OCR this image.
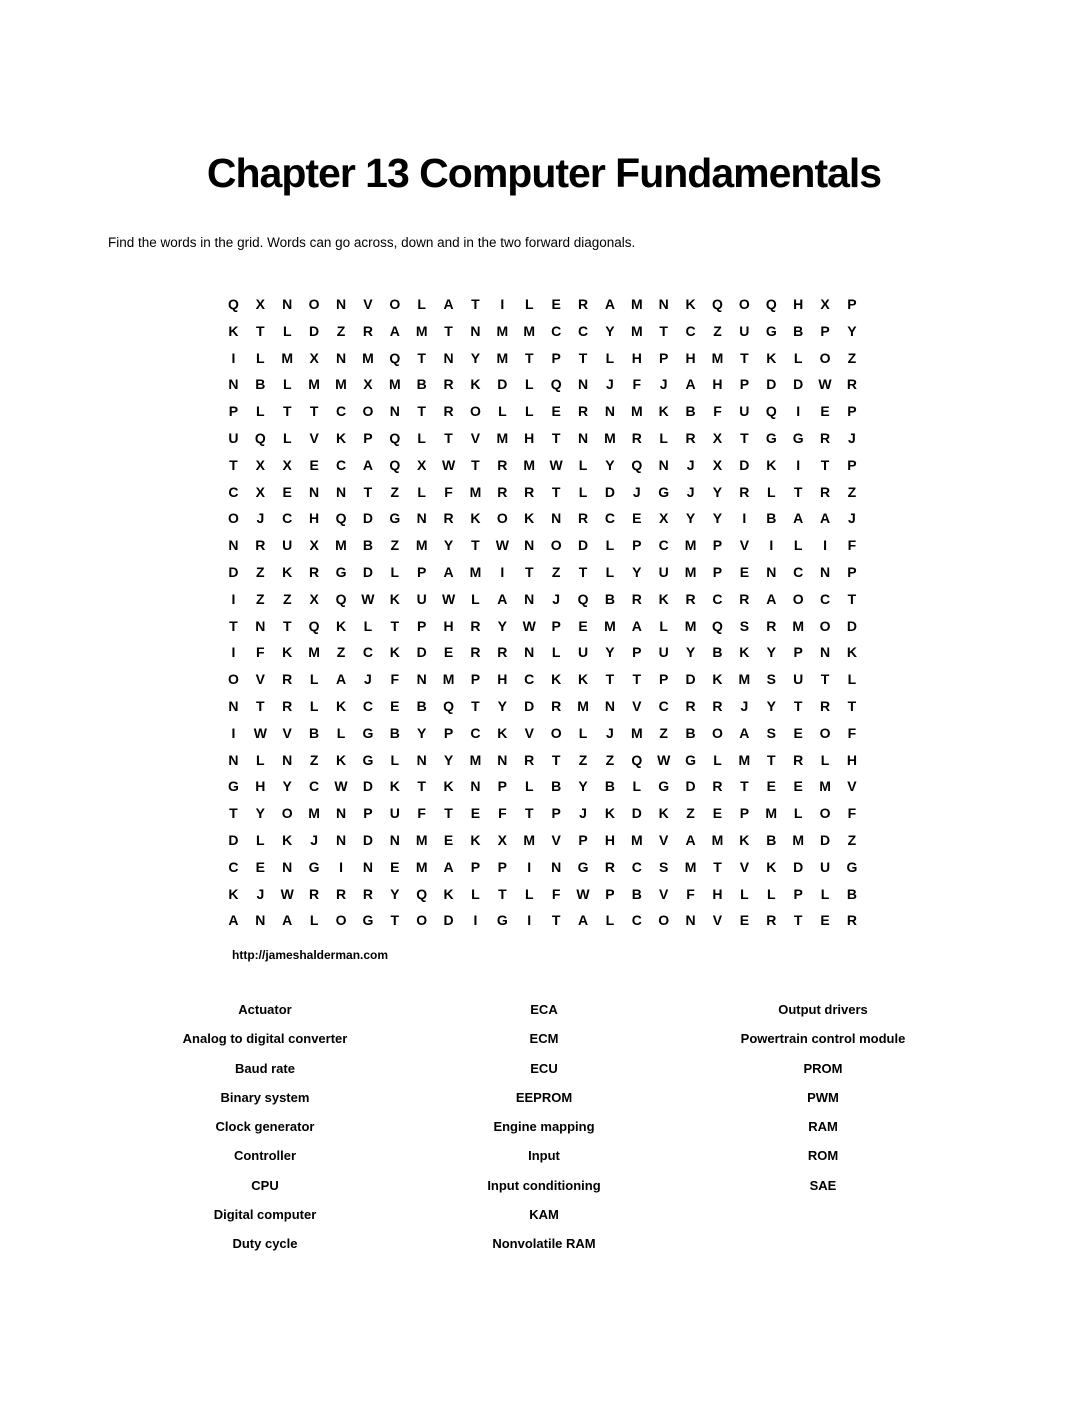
Chapter 13 Computer Fundamentals

Find the words in the grid. Words can go across, down and in the two forward diagonals.

Q	X	N	O	N	V	O	L	A	T	I	L	E	R	A	M	N	K	Q	O	Q	H	X	P
K	T	L	D	Z	R	A	M	T	N	M	M	C	C	Y	M	T	C	Z	U	G	B	P	Y
I	L	M	X	N	M	Q	T	N	Y	M	T	P	T	L	H	P	H	M	T	K	L	O	Z
N	B	L	M	M	X	M	B	R	K	D	L	Q	N	J	F	J	A	H	P	D	D	W	R
P	L	T	T	C	O	N	T	R	O	L	L	E	R	N	M	K	B	F	U	Q	I	E	P
U	Q	L	V	K	P	Q	L	T	V	M	H	T	N	M	R	L	R	X	T	G	G	R	J
T	X	X	E	C	A	Q	X	W	T	R	M	W	L	Y	Q	N	J	X	D	K	I	T	P
C	X	E	N	N	T	Z	L	F	M	R	R	T	L	D	J	G	J	Y	R	L	T	R	Z
O	J	C	H	Q	D	G	N	R	K	O	K	N	R	C	E	X	Y	Y	I	B	A	A	J
N	R	U	X	M	B	Z	M	Y	T	W	N	O	D	L	P	C	M	P	V	I	L	I	F
D	Z	K	R	G	D	L	P	A	M	I	T	Z	T	L	Y	U	M	P	E	N	C	N	P
I	Z	Z	X	Q	W	K	U	W	L	A	N	J	Q	B	R	K	R	C	R	A	O	C	T
T	N	T	Q	K	L	T	P	H	R	Y	W	P	E	M	A	L	M	Q	S	R	M	O	D
I	F	K	M	Z	C	K	D	E	R	R	N	L	U	Y	P	U	Y	B	K	Y	P	N	K
O	V	R	L	A	J	F	N	M	P	H	C	K	K	T	T	P	D	K	M	S	U	T	L
N	T	R	L	K	C	E	B	Q	T	Y	D	R	M	N	V	C	R	R	J	Y	T	R	T
I	W	V	B	L	G	B	Y	P	C	K	V	O	L	J	M	Z	B	O	A	S	E	O	F
N	L	N	Z	K	G	L	N	Y	M	N	R	T	Z	Z	Q	W	G	L	M	T	R	L	H
G	H	Y	C	W	D	K	T	K	N	P	L	B	Y	B	L	G	D	R	T	E	E	M	V
T	Y	O	M	N	P	U	F	T	E	F	T	P	J	K	D	K	Z	E	P	M	L	O	F
D	L	K	J	N	D	N	M	E	K	X	M	V	P	H	M	V	A	M	K	B	M	D	Z
C	E	N	G	I	N	E	M	A	P	P	I	N	G	R	C	S	M	T	V	K	D	U	G
K	J	W	R	R	R	Y	Q	K	L	T	L	F	W	P	B	V	F	H	L	L	P	L	B
A	N	A	L	O	G	T	O	D	I	G	I	T	A	L	C	O	N	V	E	R	T	E	R
http://jameshalderman.com
Actuator
Analog to digital converter
Baud rate
Binary system
Clock generator
Controller
CPU
Digital computer
Duty cycle
ECA
ECM
ECU
EEPROM
Engine mapping
Input
Input conditioning
KAM
Nonvolatile RAM
Output drivers
Powertrain control module
PROM
PWM
RAM
ROM
SAE
